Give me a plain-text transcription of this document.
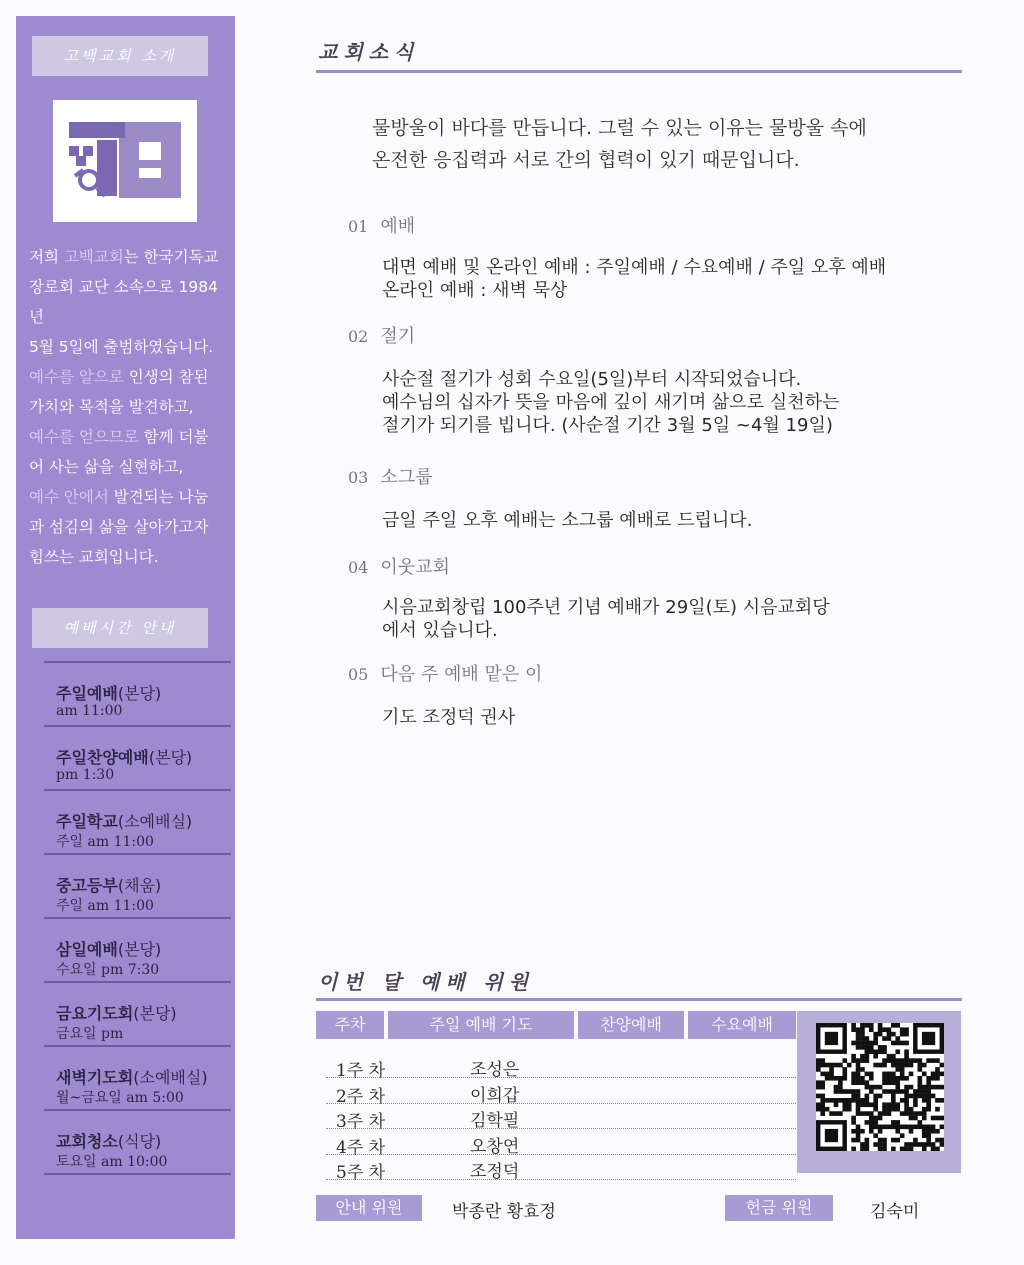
고백교회 소개
저희 고백교회는 한국기독교
장로회 교단 소속으로 1984년
5월 5일에 출범하였습니다.
예수를 알으로 인생의 참된
가치와 목적을 발견하고,
예수를 얻으므로 함께 더불
어 사는 삶을 실현하고,
예수 안에서 발견되는 나눔
과 섬김의 삶을 살아가고자
힘쓰는 교회입니다.
예배시간 안내
주일예배(본당)
am 11:00
주일찬양예배(본당)
pm 1:30
주일학교(소예배실)
주일 am 11:00
중고등부(채움)
주일 am 11:00
삼일예배(본당)
수요일 pm 7:30
금요기도회(본당)
금요일 pm
새벽기도회(소예배실)
월~금요일 am 5:00
교회청소(식당)
토요일 am 10:00
교회소식
물방울이 바다를 만듭니다. 그럴 수 있는 이유는 물방울 속에
온전한 응집력과 서로 간의 협력이 있기 때문입니다.
01 예배
대면 예배 및 온라인 예배 : 주일예배 / 수요예배 / 주일 오후 예배
온라인 예배 : 새벽 묵상
02 절기
사순절 절기가 성회 수요일(5일)부터 시작되었습니다.
예수님의 십자가 뜻을 마음에 깊이 새기며 삶으로 실천하는
절기가 되기를 빕니다. (사순절 기간 3월 5일 ~4월 19일)
03 소그룹
금일 주일 오후 예배는 소그룹 예배로 드립니다.
04 이웃교회
시음교회창립 100주년 기념 예배가 29일(토) 시음교회당
에서 있습니다.
05 다음 주 예배 맡은 이
기도 조정덕 권사
이번 달 예배 위원
주차	주일 예배 기도	찬양예배	수요예배
1주 차	조성은
2주 차	이희갑
3주 차	김학필
4주 차	오창연
5주 차	조정덕
안내 위원	박종란 황효정	헌금 위원	김숙미
